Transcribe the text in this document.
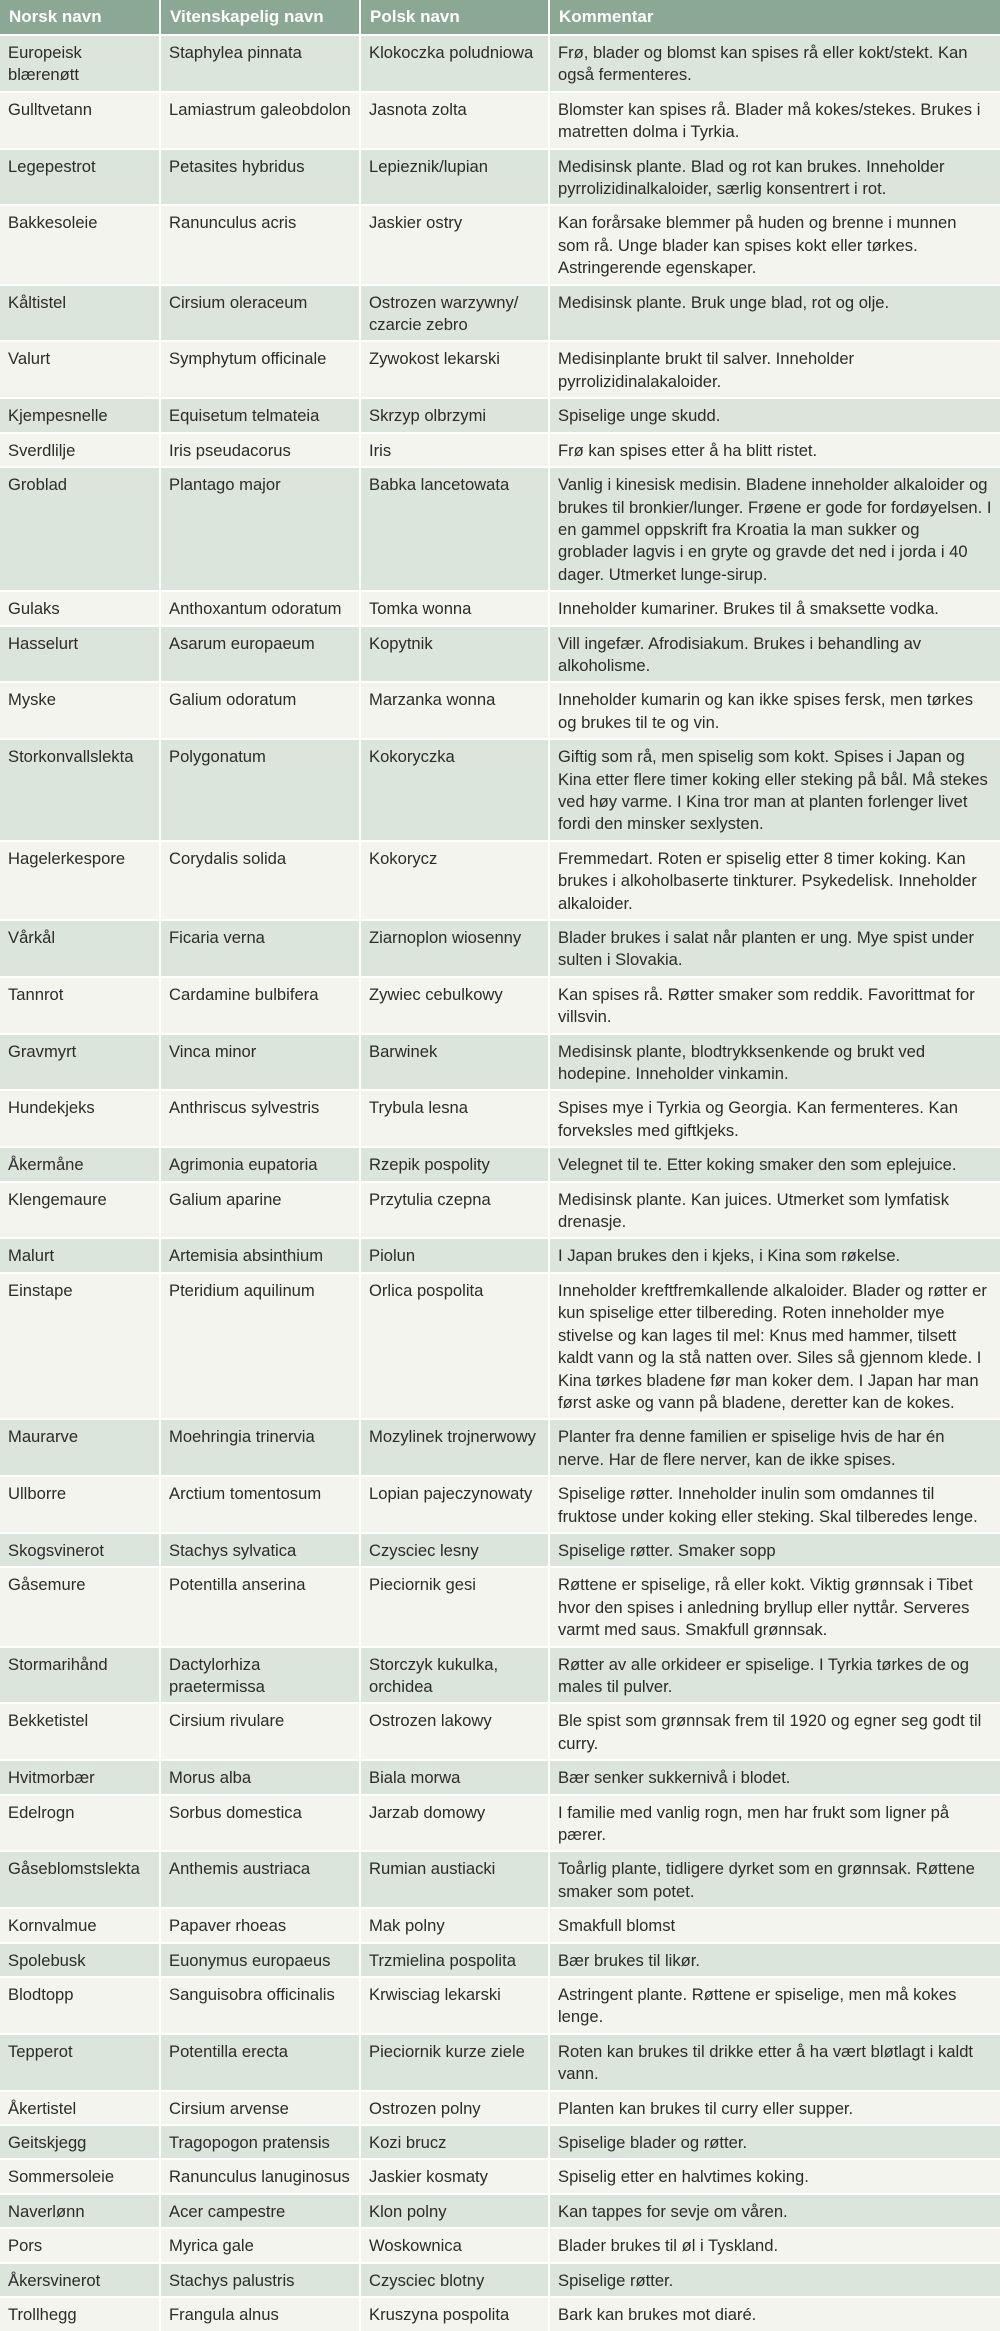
Norsk navn	Vitenskapelig navn	Polsk navn	Kommentar
Europeisk blærenøtt	Staphylea pinnata	Klokoczka poludniowa	Frø, blader og blomst kan spises rå eller kokt/stekt. Kan også fermenteres.
Gulltvetann	Lamiastrum galeobdolon	Jasnota zolta	Blomster kan spises rå. Blader må kokes/stekes. Brukes i matretten dolma i Tyrkia.
Legepestrot	Petasites hybridus	Lepieznik/lupian	Medisinsk plante. Blad og rot kan brukes. Inneholder pyrrolizidinalkaloider, særlig konsentrert i rot.
Bakkesoleie	Ranunculus acris	Jaskier ostry	Kan forårsake blemmer på huden og brenne i munnen som rå. Unge blader kan spises kokt eller tørkes. Astringerende egenskaper.
Kåltistel	Cirsium oleraceum	Ostrozen warzywny/ czarcie zebro	Medisinsk plante. Bruk unge blad, rot og olje.
Valurt	Symphytum officinale	Zywokost lekarski	Medisinplante brukt til salver. Inneholder pyrrolizidinalakaloider.
Kjempesnelle	Equisetum telmateia	Skrzyp olbrzymi	Spiselige unge skudd.
Sverdlilje	Iris pseudacorus	Iris	Frø kan spises etter å ha blitt ristet.
Groblad	Plantago major	Babka lancetowata	Vanlig i kinesisk medisin. Bladene inneholder alkaloider og brukes til bronkier/lunger. Frøene er gode for fordøyelsen. I en gammel oppskrift fra Kroatia la man sukker og groblader lagvis i en gryte og gravde det ned i jorda i 40 dager. Utmerket lunge-sirup.
Gulaks	Anthoxantum odoratum	Tomka wonna	Inneholder kumariner. Brukes til å smaksette vodka.
Hasselurt	Asarum europaeum	Kopytnik	Vill ingefær. Afrodisiakum. Brukes i behandling av alkoholisme.
Myske	Galium odoratum	Marzanka wonna	Inneholder kumarin og kan ikke spises fersk, men tørkes og brukes til te og vin.
Storkonvallslekta	Polygonatum	Kokoryczka	Giftig som rå, men spiselig som kokt. Spises i Japan og Kina etter flere timer koking eller steking på bål. Må stekes ved høy varme. I Kina tror man at planten forlenger livet fordi den minsker sexlysten.
Hagelerkespore	Corydalis solida	Kokorycz	Fremmedart. Roten er spiselig etter 8 timer koking. Kan brukes i alkoholbaserte tinkturer. Psykedelisk. Inneholder alkaloider.
Vårkål	Ficaria verna	Ziarnoplon wiosenny	Blader brukes i salat når planten er ung. Mye spist under sulten i Slovakia.
Tannrot	Cardamine bulbifera	Zywiec cebulkowy	Kan spises rå. Røtter smaker som reddik. Favorittmat for villsvin.
Gravmyrt	Vinca minor	Barwinek	Medisinsk plante, blodtrykksenkende og brukt ved hodepine. Inneholder vinkamin.
Hundekjeks	Anthriscus sylvestris	Trybula lesna	Spises mye i Tyrkia og Georgia. Kan fermenteres. Kan forveksles med giftkjeks.
Åkermåne	Agrimonia eupatoria	Rzepik pospolity	Velegnet til te. Etter koking smaker den som eplejuice.
Klengemaure	Galium aparine	Przytulia czepna	Medisinsk plante. Kan juices. Utmerket som lymfatisk drenasje.
Malurt	Artemisia absinthium	Piolun	I Japan brukes den i kjeks, i Kina som røkelse.
Einstape	Pteridium aquilinum	Orlica pospolita	Inneholder kreftfremkallende alkaloider. Blader og røtter er kun spiselige etter tilbereding. Roten inneholder mye stivelse og kan lages til mel: Knus med hammer, tilsett kaldt vann og la stå natten over. Siles så gjennom klede. I Kina tørkes bladene før man koker dem. I Japan har man først aske og vann på bladene, deretter kan de kokes.
Maurarve	Moehringia trinervia	Mozylinek trojnerwowy	Planter fra denne familien er spiselige hvis de har én nerve. Har de flere nerver, kan de ikke spises.
Ullborre	Arctium tomentosum	Lopian pajeczynowaty	Spiselige røtter. Inneholder inulin som omdannes til fruktose under koking eller steking. Skal tilberedes lenge.
Skogsvinerot	Stachys sylvatica	Czysciec lesny	Spiselige røtter. Smaker sopp
Gåsemure	Potentilla anserina	Pieciornik gesi	Røttene er spiselige, rå eller kokt. Viktig grønnsak i Tibet hvor den spises i anledning bryllup eller nyttår. Serveres varmt med saus. Smakfull grønnsak.
Stormarihånd	Dactylorhiza praetermissa	Storczyk kukulka, orchidea	Røtter av alle orkideer er spiselige. I Tyrkia tørkes de og males til pulver.
Bekketistel	Cirsium rivulare	Ostrozen lakowy	Ble spist som grønnsak frem til 1920 og egner seg godt til curry.
Hvitmorbær	Morus alba	Biala morwa	Bær senker sukkernivå i blodet.
Edelrogn	Sorbus domestica	Jarzab domowy	I familie med vanlig rogn, men har frukt som ligner på pærer.
Gåseblomstslekta	Anthemis austriaca	Rumian austiacki	Toårlig plante, tidligere dyrket som en grønnsak. Røttene smaker som potet.
Kornvalmue	Papaver rhoeas	Mak polny	Smakfull blomst
Spolebusk	Euonymus europaeus	Trzmielina pospolita	Bær brukes til likør.
Blodtopp	Sanguisobra officinalis	Krwisciag lekarski	Astringent plante. Røttene er spiselige, men må kokes lenge.
Tepperot	Potentilla erecta	Pieciornik kurze ziele	Roten kan brukes til drikke etter å ha vært bløtlagt i kaldt vann.
Åkertistel	Cirsium arvense	Ostrozen polny	Planten kan brukes til curry eller supper.
Geitskjegg	Tragopogon pratensis	Kozi brucz	Spiselige blader og røtter.
Sommersoleie	Ranunculus lanuginosus	Jaskier kosmaty	Spiselig etter en halvtimes koking.
Naverlønn	Acer campestre	Klon polny	Kan tappes for sevje om våren.
Pors	Myrica gale	Woskownica	Blader brukes til øl i Tyskland.
Åkersvinerot	Stachys palustris	Czysciec blotny	Spiselige røtter.
Trollhegg	Frangula alnus	Kruszyna pospolita	Bark kan brukes mot diaré.
